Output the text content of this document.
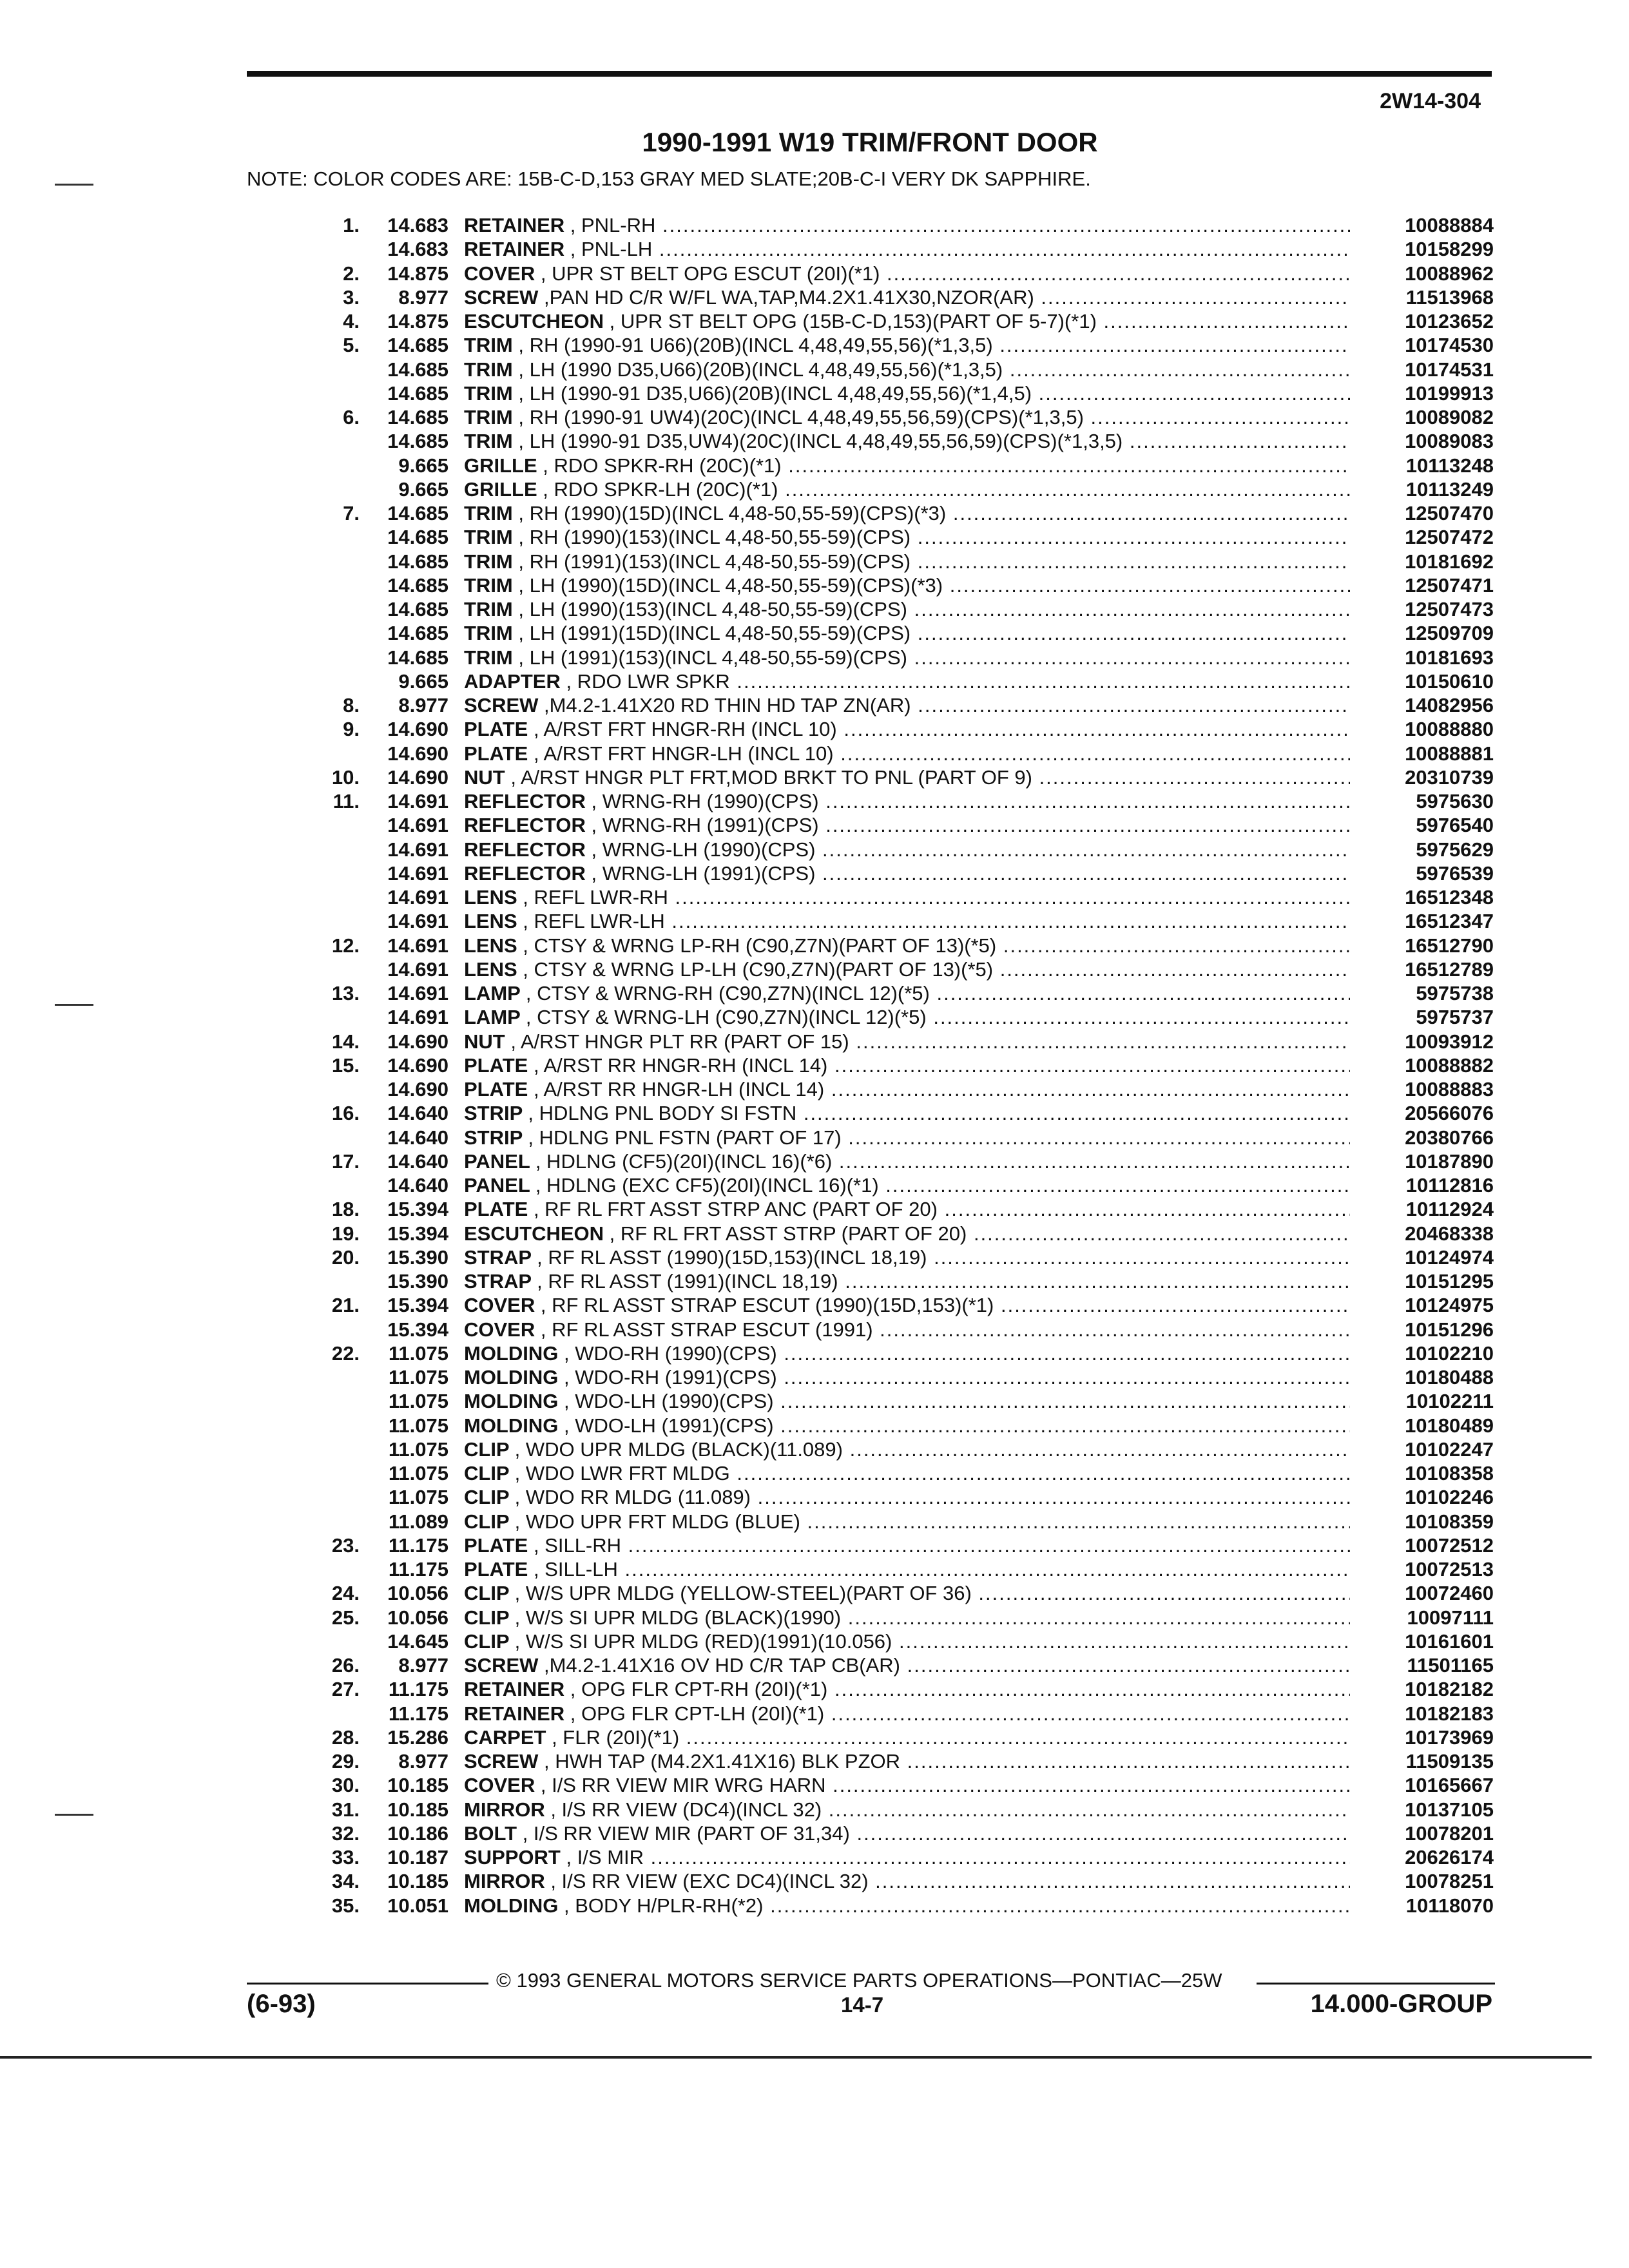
2W14-304
1990-1991 W19 TRIM/FRONT DOOR
NOTE: COLOR CODES ARE: 15B-C-D,153 GRAY MED SLATE;20B-C-I VERY DK SAPPHIRE.
1. 14.683 RETAINER , PNL-RH .....	10088884
14.683 RETAINER , PNL-LH .....	10158299
2. 14.875 COVER , UPR ST BELT OPG ESCUT (20I)(*1) .....	10088962
3. 8.977 SCREW ,PAN HD C/R W/FL WA,TAP,M4.2X1.41X30,NZOR(AR) .....	11513968
4. 14.875 ESCUTCHEON , UPR ST BELT OPG (15B-C-D,153)(PART OF 5-7)(*1) .....	10123652
5. 14.685 TRIM , RH (1990-91 U66)(20B)(INCL 4,48,49,55,56)(*1,3,5) .....	10174530
14.685 TRIM , LH (1990 D35,U66)(20B)(INCL 4,48,49,55,56)(*1,3,5) .....	10174531
14.685 TRIM , LH (1990-91 D35,U66)(20B)(INCL 4,48,49,55,56)(*1,4,5) .....	10199913
6. 14.685 TRIM , RH (1990-91 UW4)(20C)(INCL 4,48,49,55,56,59)(CPS)(*1,3,5) .....	10089082
14.685 TRIM , LH (1990-91 D35,UW4)(20C)(INCL 4,48,49,55,56,59)(CPS)(*1,3,5) .....	10089083
9.665 GRILLE , RDO SPKR-RH (20C)(*1) .....	10113248
9.665 GRILLE , RDO SPKR-LH (20C)(*1) .....	10113249
7. 14.685 TRIM , RH (1990)(15D)(INCL 4,48-50,55-59)(CPS)(*3) .....	12507470
14.685 TRIM , RH (1990)(153)(INCL 4,48-50,55-59)(CPS) .....	12507472
14.685 TRIM , RH (1991)(153)(INCL 4,48-50,55-59)(CPS) .....	10181692
14.685 TRIM , LH (1990)(15D)(INCL 4,48-50,55-59)(CPS)(*3) .....	12507471
14.685 TRIM , LH (1990)(153)(INCL 4,48-50,55-59)(CPS) .....	12507473
14.685 TRIM , LH (1991)(15D)(INCL 4,48-50,55-59)(CPS) .....	12509709
14.685 TRIM , LH (1991)(153)(INCL 4,48-50,55-59)(CPS) .....	10181693
9.665 ADAPTER , RDO LWR SPKR .....	10150610
8. 8.977 SCREW ,M4.2-1.41X20 RD THIN HD TAP ZN(AR) .....	14082956
9. 14.690 PLATE , A/RST FRT HNGR-RH (INCL 10) .....	10088880
14.690 PLATE , A/RST FRT HNGR-LH (INCL 10) .....	10088881
10. 14.690 NUT , A/RST HNGR PLT FRT,MOD BRKT TO PNL (PART OF 9) .....	20310739
11. 14.691 REFLECTOR , WRNG-RH (1990)(CPS) .....	5975630
14.691 REFLECTOR , WRNG-RH (1991)(CPS) .....	5976540
14.691 REFLECTOR , WRNG-LH (1990)(CPS) .....	5975629
14.691 REFLECTOR , WRNG-LH (1991)(CPS) .....	5976539
14.691 LENS , REFL LWR-RH .....	16512348
14.691 LENS , REFL LWR-LH .....	16512347
12. 14.691 LENS , CTSY & WRNG LP-RH (C90,Z7N)(PART OF 13)(*5) .....	16512790
14.691 LENS , CTSY & WRNG LP-LH (C90,Z7N)(PART OF 13)(*5) .....	16512789
13. 14.691 LAMP , CTSY & WRNG-RH (C90,Z7N)(INCL 12)(*5) .....	5975738
14.691 LAMP , CTSY & WRNG-LH (C90,Z7N)(INCL 12)(*5) .....	5975737
14. 14.690 NUT , A/RST HNGR PLT RR (PART OF 15) .....	10093912
15. 14.690 PLATE , A/RST RR HNGR-RH (INCL 14) .....	10088882
14.690 PLATE , A/RST RR HNGR-LH (INCL 14) .....	10088883
16. 14.640 STRIP , HDLNG PNL BODY SI FSTN .....	20566076
14.640 STRIP , HDLNG PNL FSTN (PART OF 17) .....	20380766
17. 14.640 PANEL , HDLNG (CF5)(20I)(INCL 16)(*6) .....	10187890
14.640 PANEL , HDLNG (EXC CF5)(20I)(INCL 16)(*1) .....	10112816
18. 15.394 PLATE , RF RL FRT ASST STRP ANC (PART OF 20) .....	10112924
19. 15.394 ESCUTCHEON , RF RL FRT ASST STRP (PART OF 20) .....	20468338
20. 15.390 STRAP , RF RL ASST (1990)(15D,153)(INCL 18,19) .....	10124974
15.390 STRAP , RF RL ASST (1991)(INCL 18,19) .....	10151295
21. 15.394 COVER , RF RL ASST STRAP ESCUT (1990)(15D,153)(*1) .....	10124975
15.394 COVER , RF RL ASST STRAP ESCUT (1991) .....	10151296
22. 11.075 MOLDING , WDO-RH (1990)(CPS) .....	10102210
11.075 MOLDING , WDO-RH (1991)(CPS) .....	10180488
11.075 MOLDING , WDO-LH (1990)(CPS) .....	10102211
11.075 MOLDING , WDO-LH (1991)(CPS) .....	10180489
11.075 CLIP , WDO UPR MLDG (BLACK)(11.089) .....	10102247
11.075 CLIP , WDO LWR FRT MLDG .....	10108358
11.075 CLIP , WDO RR MLDG (11.089) .....	10102246
11.089 CLIP , WDO UPR FRT MLDG (BLUE) .....	10108359
23. 11.175 PLATE , SILL-RH .....	10072512
11.175 PLATE , SILL-LH .....	10072513
24. 10.056 CLIP , W/S UPR MLDG (YELLOW-STEEL)(PART OF 36) .....	10072460
25. 10.056 CLIP , W/S SI UPR MLDG (BLACK)(1990) .....	10097111
14.645 CLIP , W/S SI UPR MLDG (RED)(1991)(10.056) .....	10161601
26. 8.977 SCREW ,M4.2-1.41X16 OV HD C/R TAP CB(AR) .....	11501165
27. 11.175 RETAINER , OPG FLR CPT-RH (20I)(*1) .....	10182182
11.175 RETAINER , OPG FLR CPT-LH (20I)(*1) .....	10182183
28. 15.286 CARPET , FLR (20I)(*1) .....	10173969
29. 8.977 SCREW , HWH TAP (M4.2X1.41X16) BLK PZOR .....	11509135
30. 10.185 COVER , I/S RR VIEW MIR WRG HARN .....	10165667
31. 10.185 MIRROR , I/S RR VIEW (DC4)(INCL 32) .....	10137105
32. 10.186 BOLT , I/S RR VIEW MIR (PART OF 31,34) .....	10078201
33. 10.187 SUPPORT , I/S MIR .....	20626174
34. 10.185 MIRROR , I/S RR VIEW (EXC DC4)(INCL 32) .....	10078251
35. 10.051 MOLDING , BODY H/PLR-RH(*2) .....	10118070
© 1993 GENERAL MOTORS SERVICE PARTS OPERATIONS—PONTIAC—25W
(6-93)	14-7	14.000-GROUP
